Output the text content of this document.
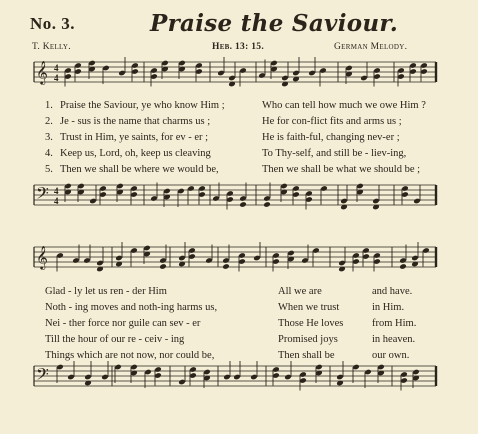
No. 3.	Praise the Saviour.
T. Kelly.	Heb. 13: 15.	German Melody.
𝄞 4
4
𝄢 4
4
𝄞
𝄢
1. Praise the Saviour, ye who know Him ;	Who can tell how much we owe Him ?
2. Je - sus is the name that charms us ;	He for con-flict fits and arms us ;
3. Trust in Him, ye saints, for ev - er ;	He is faith-ful, changing nev-er ;
4. Keep us, Lord, oh, keep us cleaving	To Thy-self, and still be - liev-ing,
5. Then we shall be where we would be,	Then we shall be what we should be ;
Glad - ly let us ren - der Him	All we are	and have.
Noth - ing moves and noth-ing harms us,	When we trust	in Him.
Nei - ther force nor guile can sev - er	Those He loves	from Him.
Till the hour of our re - ceiv - ing	Promised joys	in heaven.
Things which are not now, nor could be,	Then shall be	our own.
